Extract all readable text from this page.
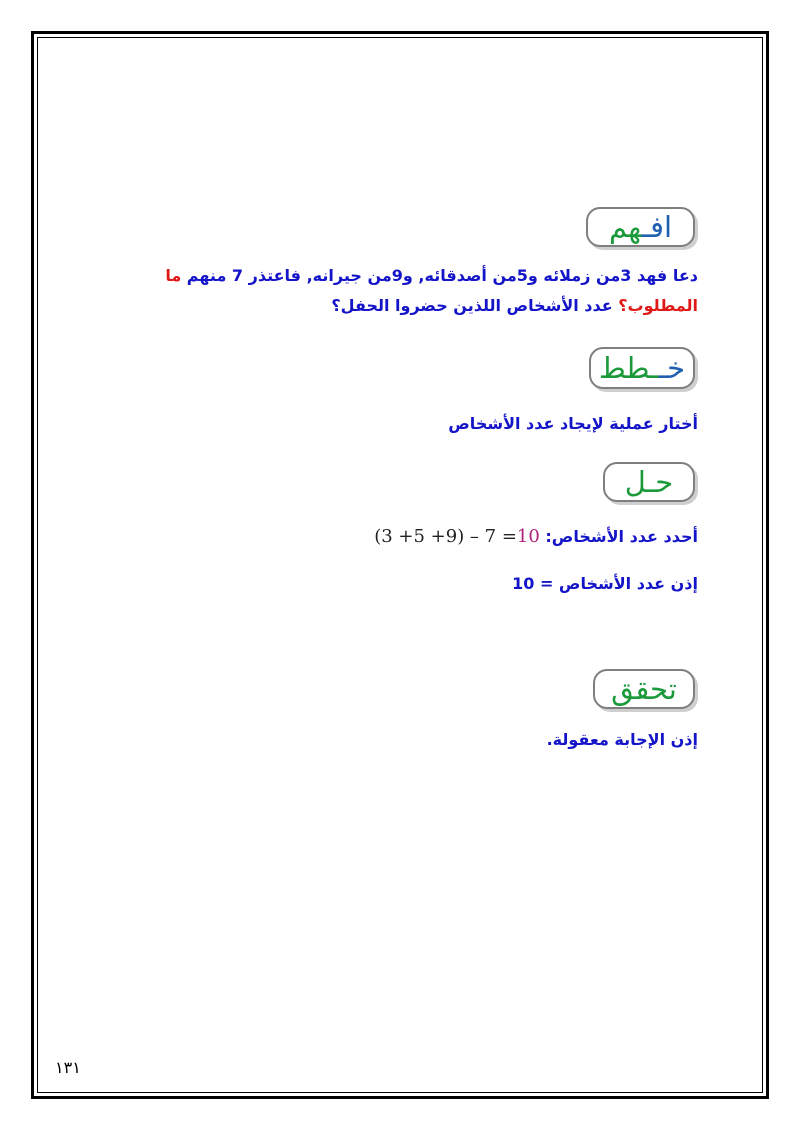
افـهم
دعا فهد 3من زملائه و5من أصدقائه, و9من جيرانه, فاعتذر 7 منهم ما
المطلوب؟ عدد الأشخاص اللذين حضروا الحفل؟
خــطط
أختار عملية لإيجاد عدد الأشخاص
حـل
أحدد عدد الأشخاص: (3 +5 +9) – 7 =10
إذن عدد الأشخاص = 10
تحقق
إذن الإجابة معقولة.
١٣١
